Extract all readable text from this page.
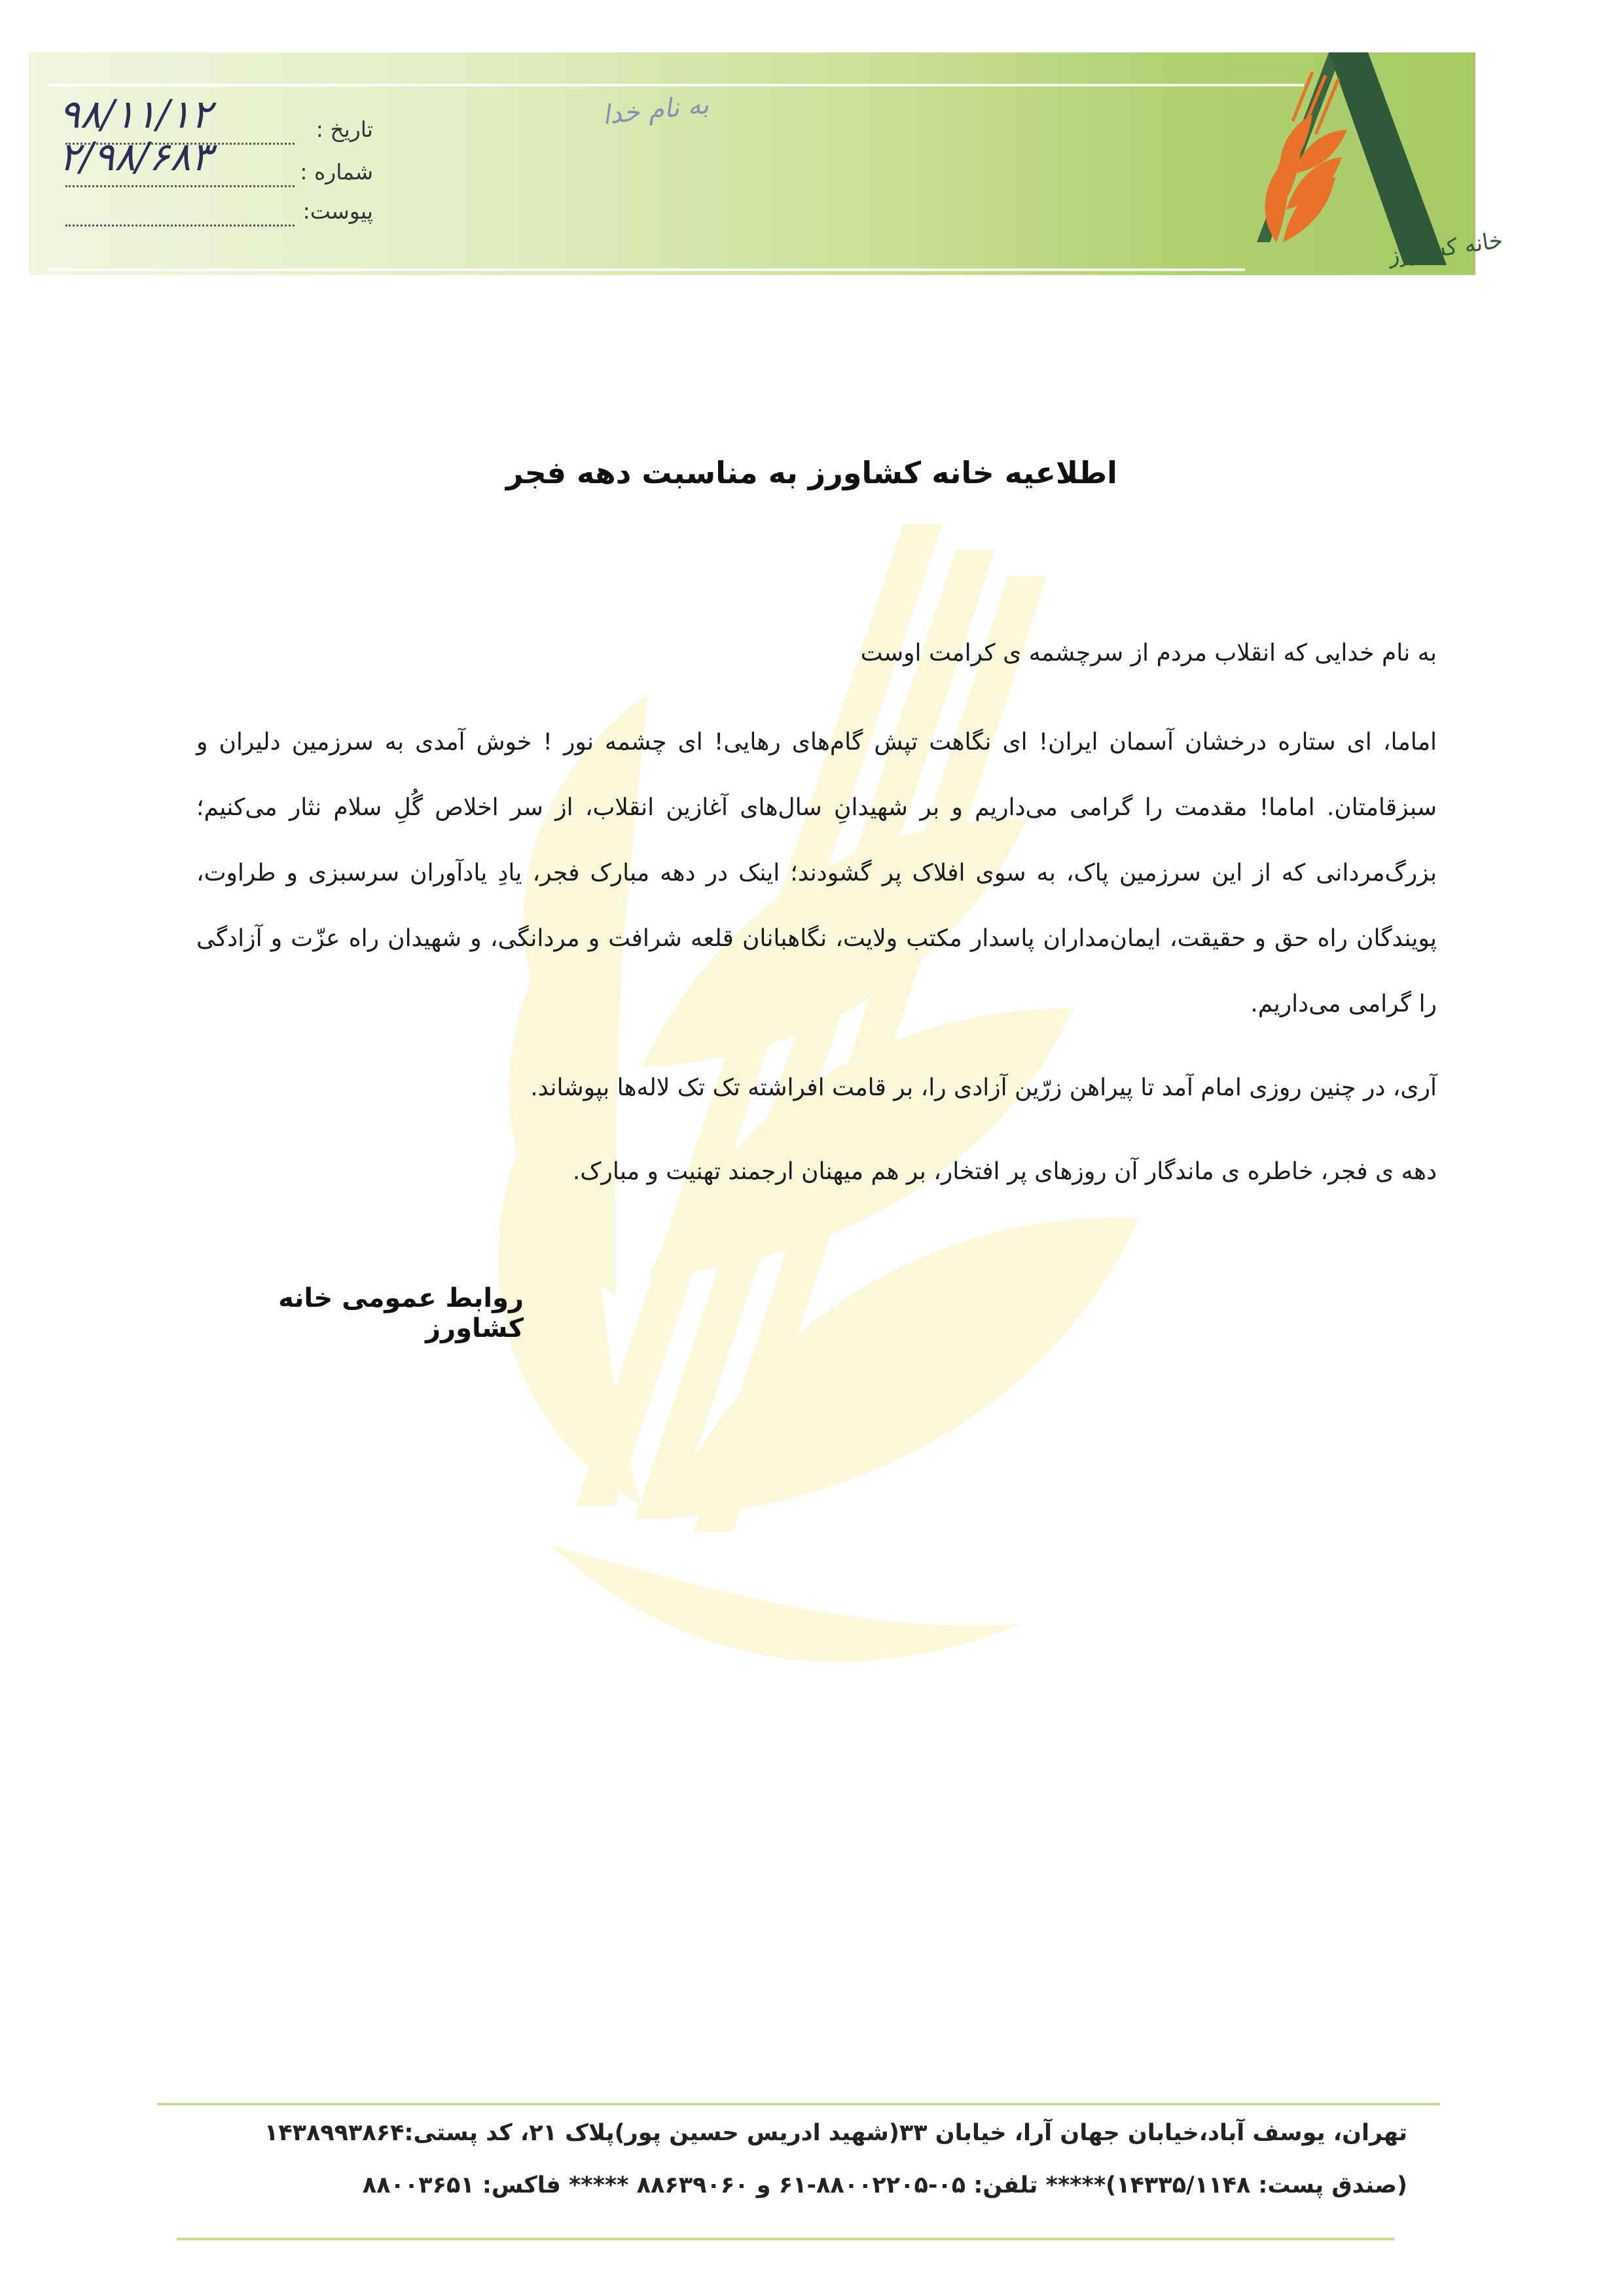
خانه کشاورز
تاریخ :
۹۸/۱۱/۱۲
شماره :
۲/۹۸/۶۸۳
پیوست:
به نام خدا
اطلاعیه خانه کشاورز به مناسبت دهه فجر

به نام خدایی که انقلاب مردم از سرچشمه ی کرامت اوست

اماما، ای ستاره درخشان آسمان ایران! ای نگاهت تپش گام‌های رهایی! ای چشمه نور ! خوش آمدی به سرزمین دلیران و سبزقامتان. اماما! مقدمت را گرامی می‌داریم و بر شهیدانِ سال‌های آغازین انقلاب، از سر اخلاص گُلِ سلام نثار می‌کنیم؛ بزرگ‌مردانی که از این سرزمین پاک، به سوی افلاک پر گشودند؛ اینک در دهه مبارک فجر، یادِ یادآوران سرسبزی و طراوت، پویندگان راه حق و حقیقت، ایمان‌مداران پاسدار مکتب ولایت، نگاهبانان قلعه شرافت و مردانگی، و شهیدان راه عزّت و آزادگی را گرامی می‌داریم.

آری، در چنین روزی امام آمد تا پیراهن زرّین آزادی را، بر قامت افراشته تک تک لاله‌ها بپوشاند.

دهه ی فجر، خاطره ی ماندگار آن روزهای پر افتخار، بر هم میهنان ارجمند تهنیت و مبارک.

روابط عمومی خانه کشاورز
تهران، یوسف آباد،خیابان جهان آرا، خیابان ۳۳(شهید ادریس حسین پور)پلاک ۲۱، کد پستی:۱۴۳۸۹۹۳۸۶۴
(صندق پست: ۱۴۳۳۵/۱۱۴۸)***** تلفن: ۰۵-۸۸۰۰۲۲۰۵-۶۱ و ۸۸۶۳۹۰۶۰ ***** فاکس: ۸۸۰۰۳۶۵۱
